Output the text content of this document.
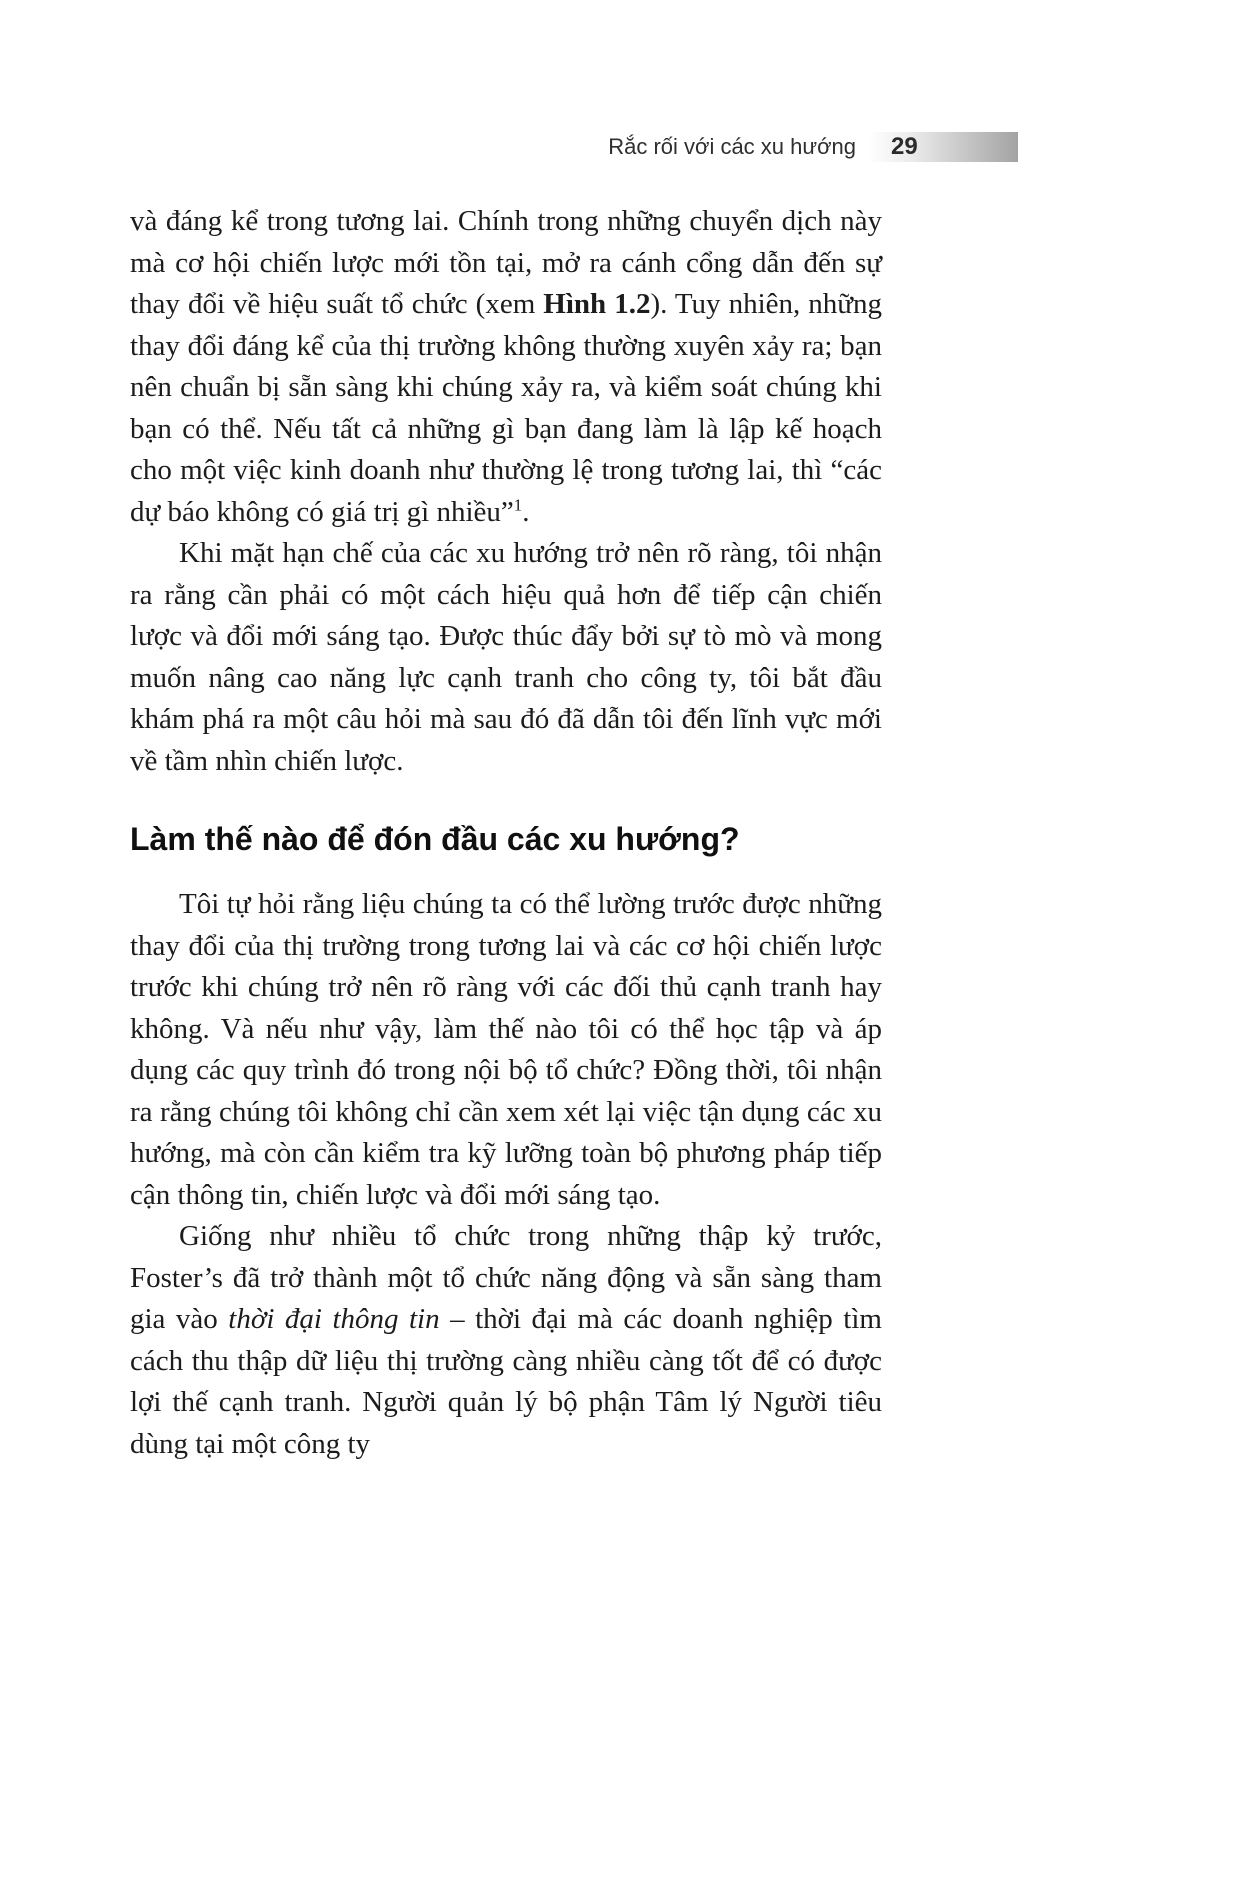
Rắc rối với các xu hướng 29

và đáng kể trong tương lai. Chính trong những chuyển dịch này mà cơ hội chiến lược mới tồn tại, mở ra cánh cổng dẫn đến sự thay đổi về hiệu suất tổ chức (xem Hình 1.2). Tuy nhiên, những thay đổi đáng kể của thị trường không thường xuyên xảy ra; bạn nên chuẩn bị sẵn sàng khi chúng xảy ra, và kiểm soát chúng khi bạn có thể. Nếu tất cả những gì bạn đang làm là lập kế hoạch cho một việc kinh doanh như thường lệ trong tương lai, thì “các dự báo không có giá trị gì nhiều”$^1$.

Khi mặt hạn chế của các xu hướng trở nên rõ ràng, tôi nhận ra rằng cần phải có một cách hiệu quả hơn để tiếp cận chiến lược và đổi mới sáng tạo. Được thúc đẩy bởi sự tò mò và mong muốn nâng cao năng lực cạnh tranh cho công ty, tôi bắt đầu khám phá ra một câu hỏi mà sau đó đã dẫn tôi đến lĩnh vực mới về tầm nhìn chiến lược.

Làm thế nào để đón đầu các xu hướng?

Tôi tự hỏi rằng liệu chúng ta có thể lường trước được những thay đổi của thị trường trong tương lai và các cơ hội chiến lược trước khi chúng trở nên rõ ràng với các đối thủ cạnh tranh hay không. Và nếu như vậy, làm thế nào tôi có thể học tập và áp dụng các quy trình đó trong nội bộ tổ chức? Đồng thời, tôi nhận ra rằng chúng tôi không chỉ cần xem xét lại việc tận dụng các xu hướng, mà còn cần kiểm tra kỹ lưỡng toàn bộ phương pháp tiếp cận thông tin, chiến lược và đổi mới sáng tạo.

Giống như nhiều tổ chức trong những thập kỷ trước, Foster’s đã trở thành một tổ chức năng động và sẵn sàng tham gia vào thời đại thông tin – thời đại mà các doanh nghiệp tìm cách thu thập dữ liệu thị trường càng nhiều càng tốt để có được lợi thế cạnh tranh. Người quản lý bộ phận Tâm lý Người tiêu dùng tại một công ty
